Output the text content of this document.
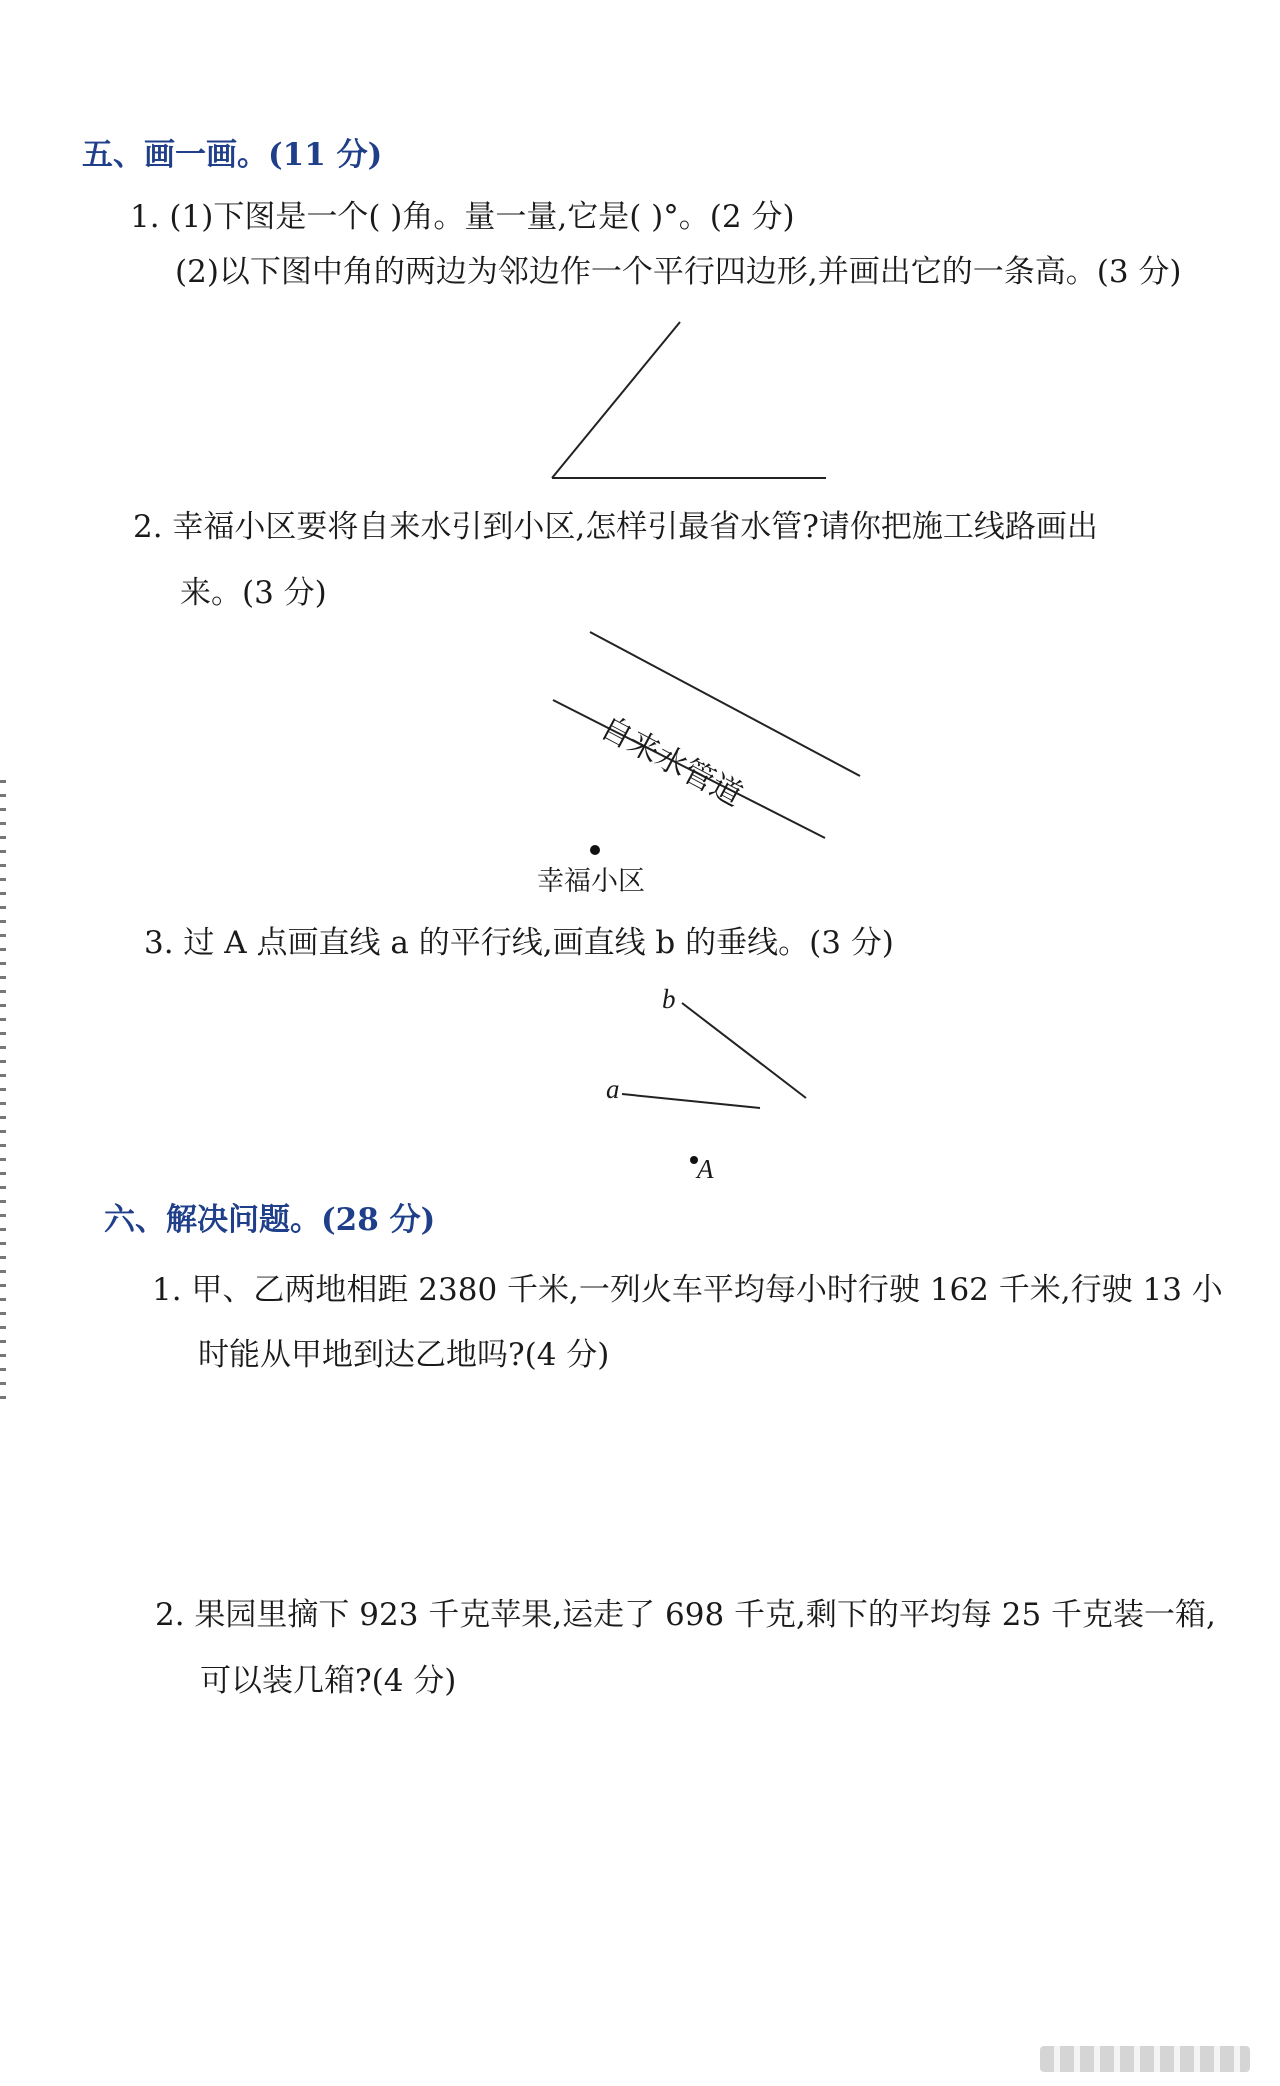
五、画一画。(11 分)
1. (1)下图是一个( )角。量一量,它是( )°。(2 分)
(2)以下图中角的两边为邻边作一个平行四边形,并画出它的一条高。(3 分)
自来水管道
2. 幸福小区要将自来水引到小区,怎样引最省水管?请你把施工线路画出
来。(3 分)
幸福小区
3. 过 A 点画直线 a 的平行线,画直线 b 的垂线。(3 分)
b
a
A
六、解决问题。(28 分)
1. 甲、乙两地相距 2380 千米,一列火车平均每小时行驶 162 千米,行驶 13 小
时能从甲地到达乙地吗?(4 分)
2. 果园里摘下 923 千克苹果,运走了 698 千克,剩下的平均每 25 千克装一箱,
可以装几箱?(4 分)
